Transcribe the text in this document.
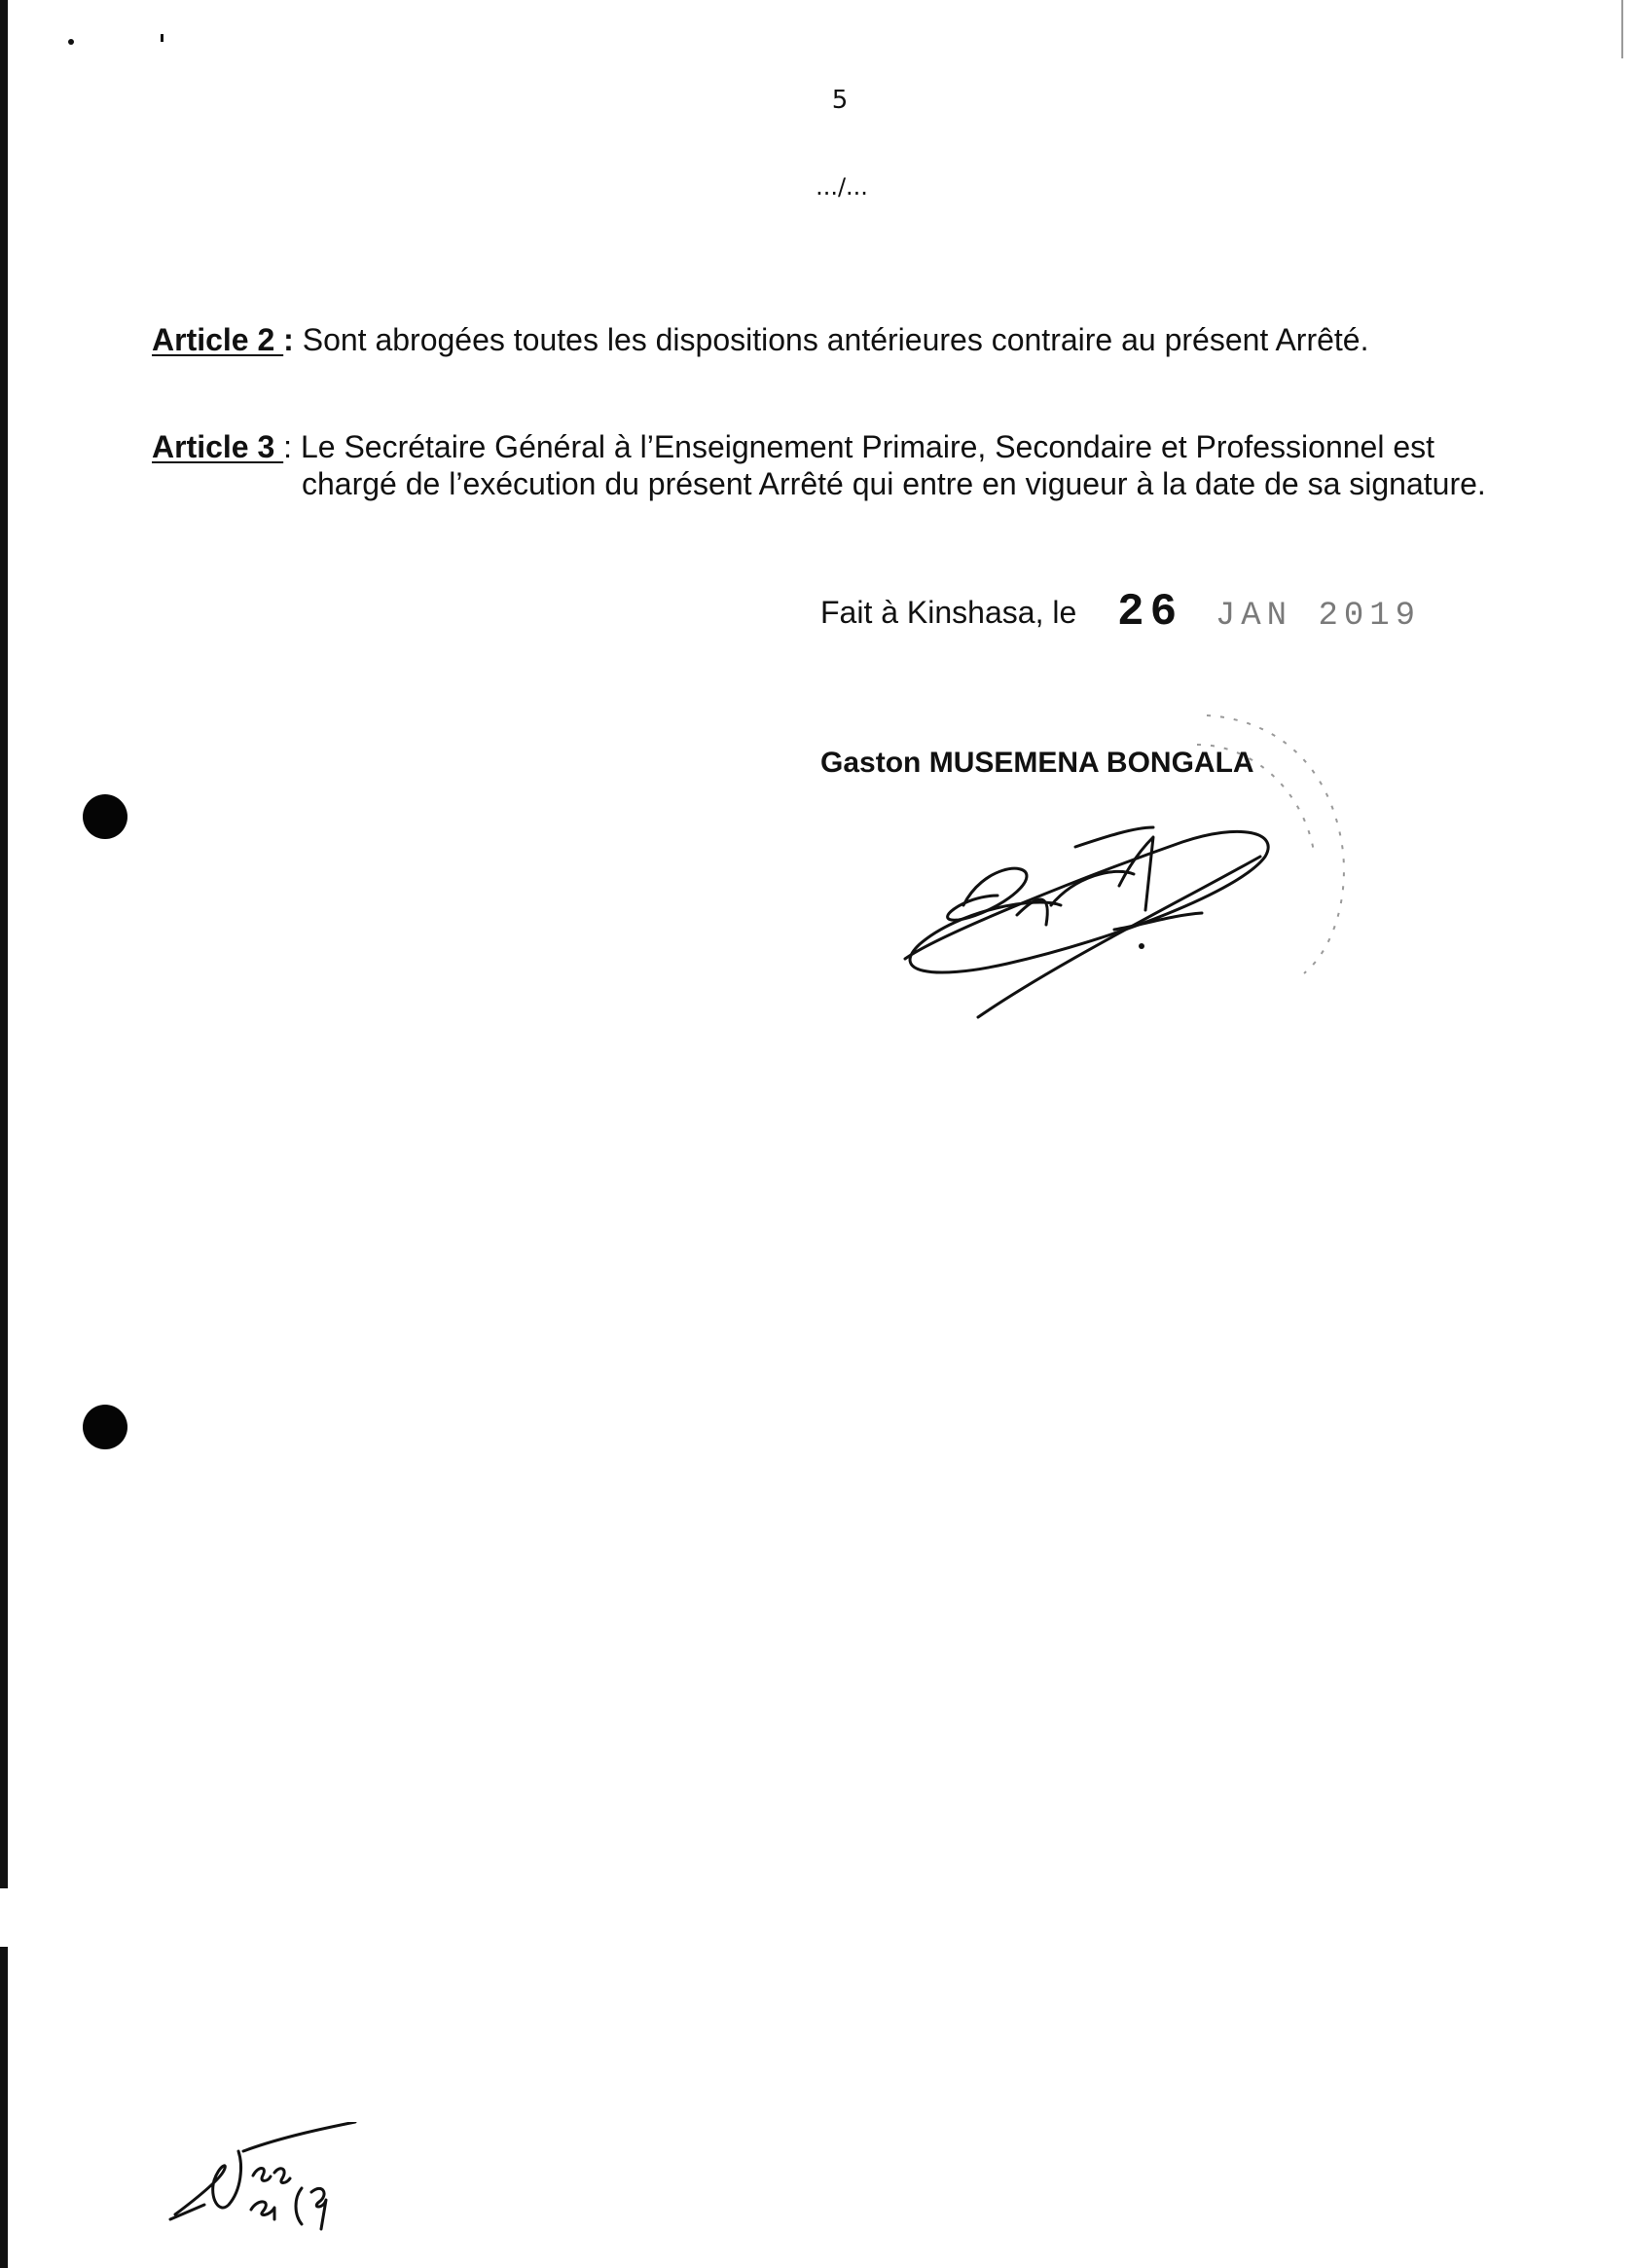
5
.../...
Article 2 : Sont abrogées toutes les dispositions antérieures contraire au présent Arrêté.
Article 3 : Le Secrétaire Général à l’Enseignement Primaire, Secondaire et Professionnel est
chargé de l’exécution du présent Arrêté qui entre en vigueur à la date de sa signature.
Fait à Kinshasa, le 26 JAN 2019
Gaston MUSEMENA BONGALA
